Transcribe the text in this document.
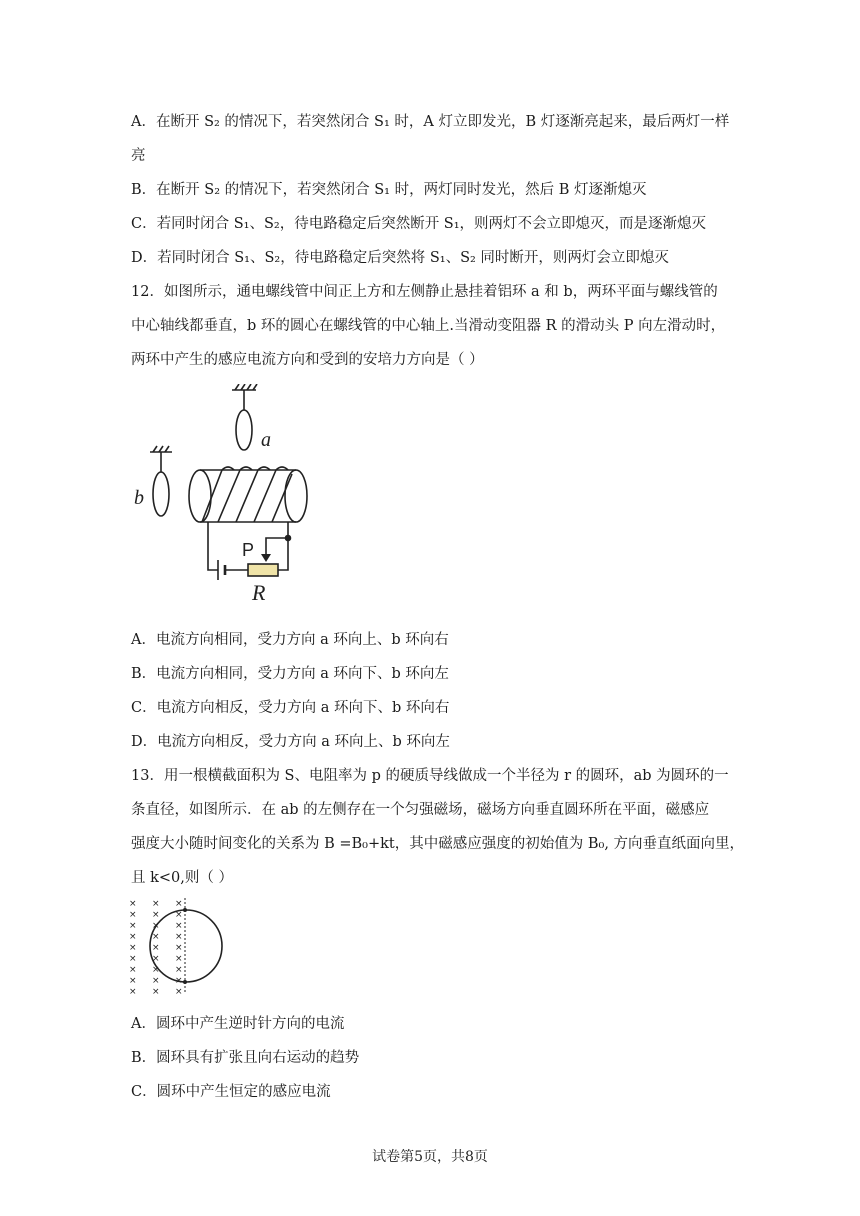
A．在断开 S₂ 的情况下，若突然闭合 S₁ 时，A 灯立即发光，B 灯逐渐亮起来，最后两灯一样
亮
B．在断开 S₂ 的情况下，若突然闭合 S₁ 时，两灯同时发光，然后 B 灯逐渐熄灭
C．若同时闭合 S₁、S₂，待电路稳定后突然断开 S₁，则两灯不会立即熄灭，而是逐渐熄灭
D．若同时闭合 S₁、S₂，待电路稳定后突然将 S₁、S₂ 同时断开，则两灯会立即熄灭
12．如图所示，通电螺线管中间正上方和左侧静止悬挂着铝环 a 和 b，两环平面与螺线管的
中心轴线都垂直，b 环的圆心在螺线管的中心轴上.当滑动变阻器 R 的滑动头 P 向左滑动时，
两环中产生的感应电流方向和受到的安培力方向是（ ）
a
b
P
R
A．电流方向相同，受力方向 a 环向上、b 环向右
B．电流方向相同，受力方向 a 环向下、b 环向左
C．电流方向相反，受力方向 a 环向下、b 环向右
D．电流方向相反，受力方向 a 环向上、b 环向左
13．用一根横截面积为 S、电阻率为 p 的硬质导线做成一个半径为 r 的圆环，ab 为圆环的一
条直径，如图所示．在 ab 的左侧存在一个匀强磁场，磁场方向垂直圆环所在平面，磁感应
强度大小随时间变化的关系为 B =B₀+kt，其中磁感应强度的初始值为 B₀, 方向垂直纸面向里，
且 k<0,则（ ）
×
×
×
×
×
×
×
×
×
×
×
×
×
×
×
×
×
×
×
×
×
×
×
×
×
×
×
A．圆环中产生逆时针方向的电流
B．圆环具有扩张且向右运动的趋势
C．圆环中产生恒定的感应电流
试卷第5页，共8页
